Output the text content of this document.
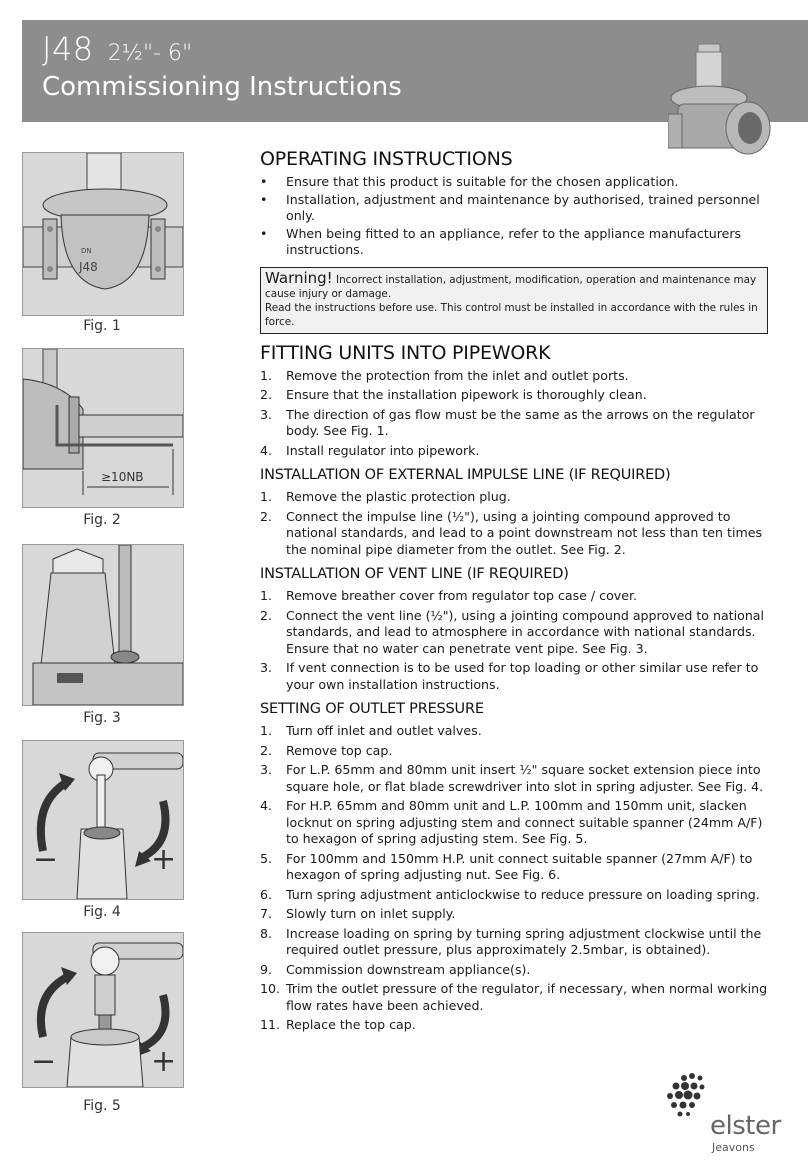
J48 2½"- 6"
Commissioning Instructions
DN
J48
Fig. 1
≥10NB
Fig. 2
Fig. 3
−	+
Fig. 4
−	+
Fig. 5
OPERATING INSTRUCTIONS
• Ensure that this product is suitable for the chosen application.
• Installation, adjustment and maintenance by authorised, trained personnel only.
• When being fitted to an appliance, refer to the appliance manufacturers instructions.
Warning! Incorrect installation, adjustment, modification, operation and maintenance may cause injury or damage.
Read the instructions before use. This control must be installed in accordance with the rules in force.
FITTING UNITS INTO PIPEWORK
1. Remove the protection from the inlet and outlet ports.
2. Ensure that the installation pipework is thoroughly clean.
3. The direction of gas flow must be the same as the arrows on the regulator body. See Fig. 1.
4. Install regulator into pipework.
INSTALLATION OF EXTERNAL IMPULSE LINE (IF REQUIRED)
1. Remove the plastic protection plug.
2. Connect the impulse line (½"), using a jointing compound approved to national standards, and lead to a point downstream not less than ten times the nominal pipe diameter from the outlet. See Fig. 2.
INSTALLATION OF VENT LINE (IF REQUIRED)
1. Remove breather cover from regulator top case / cover.
2. Connect the vent line (½"), using a jointing compound approved to national standards, and lead to atmosphere in accordance with national standards. Ensure that no water can penetrate vent pipe. See Fig. 3.
3. If vent connection is to be used for top loading or other similar use refer to your own installation instructions.
SETTING OF OUTLET PRESSURE
1. Turn off inlet and outlet valves.
2. Remove top cap.
3. For L.P. 65mm and 80mm unit insert ½" square socket extension piece into square hole, or flat blade screwdriver into slot in spring adjuster. See Fig. 4.
4. For H.P. 65mm and 80mm unit and L.P. 100mm and 150mm unit, slacken locknut on spring adjusting stem and connect suitable spanner (24mm A/F) to hexagon of spring adjusting stem. See Fig. 5.
5. For 100mm and 150mm H.P. unit connect suitable spanner (27mm A/F) to hexagon of spring adjusting nut. See Fig. 6.
6. Turn spring adjustment anticlockwise to reduce pressure on loading spring.
7. Slowly turn on inlet supply.
8. Increase loading on spring by turning spring adjustment clockwise until the required outlet pressure, plus approximately 2.5mbar, is obtained).
9. Commission downstream appliance(s).
10. Trim the outlet pressure of the regulator, if necessary, when normal working flow rates have been achieved.
11. Replace the top cap.
elster
Jeavons
